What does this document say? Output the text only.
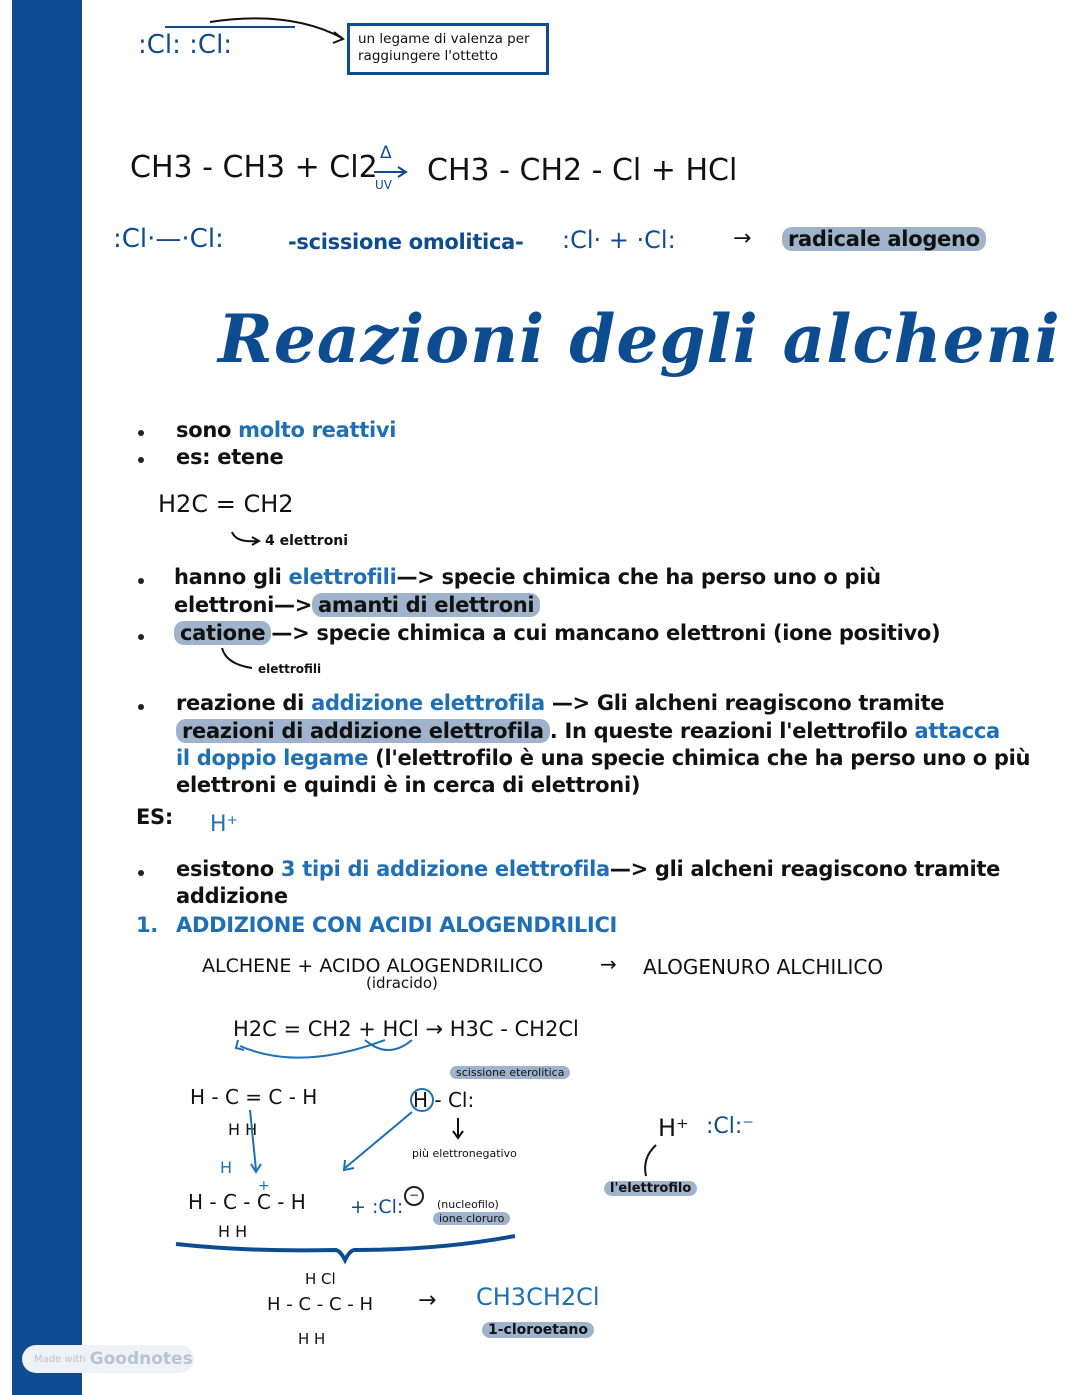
:Cl: :Cl:	un legame di valenza per
raggiungere l'ottetto
CH3 - CH3 + Cl2 Δ
UV CH3 - CH2 - Cl + HCl
:Cl·—·Cl:	-scissione omolitica- :Cl· + ·Cl:	→ radicale alogeno
Reazioni degli alcheni
sono molto reattivi
es: etene
H2C = CH2
4 elettroni
hanno gli elettrofili—> specie chimica che ha perso uno o più
elettroni—> amanti di elettroni
catione —> specie chimica a cui mancano elettroni (ione positivo)
elettrofili
reazione di addizione elettrofila —> Gli alcheni reagiscono tramite
reazioni di addizione elettrofila . In queste reazioni l'elettrofilo attacca
il doppio legame (l'elettrofilo è una specie chimica che ha perso uno o più
elettroni e quindi è in cerca di elettroni)
ES: H⁺
esistono 3 tipi di addizione elettrofila—> gli alcheni reagiscono tramite
addizione
1. ADDIZIONE CON ACIDI ALOGENDRILICI
ALCHENE + ACIDO ALOGENDRILICO	→ ALOGENURO ALCHILICO
(idracido)
H2C = CH2 + HCl → H3C - CH2Cl
H - C = C - H
H H
H - Cl:
scissione eterolitica
più elettronegativo
H
H - C - C - H
+
H H
+ :Cl:
−
(nucleofilo)
ione cloruro
H⁺ :Cl:⁻
l'elettrofilo
H Cl
H - C - C - H
H H
→ CH3CH2Cl
1-cloroetano
Made with Goodnotes
